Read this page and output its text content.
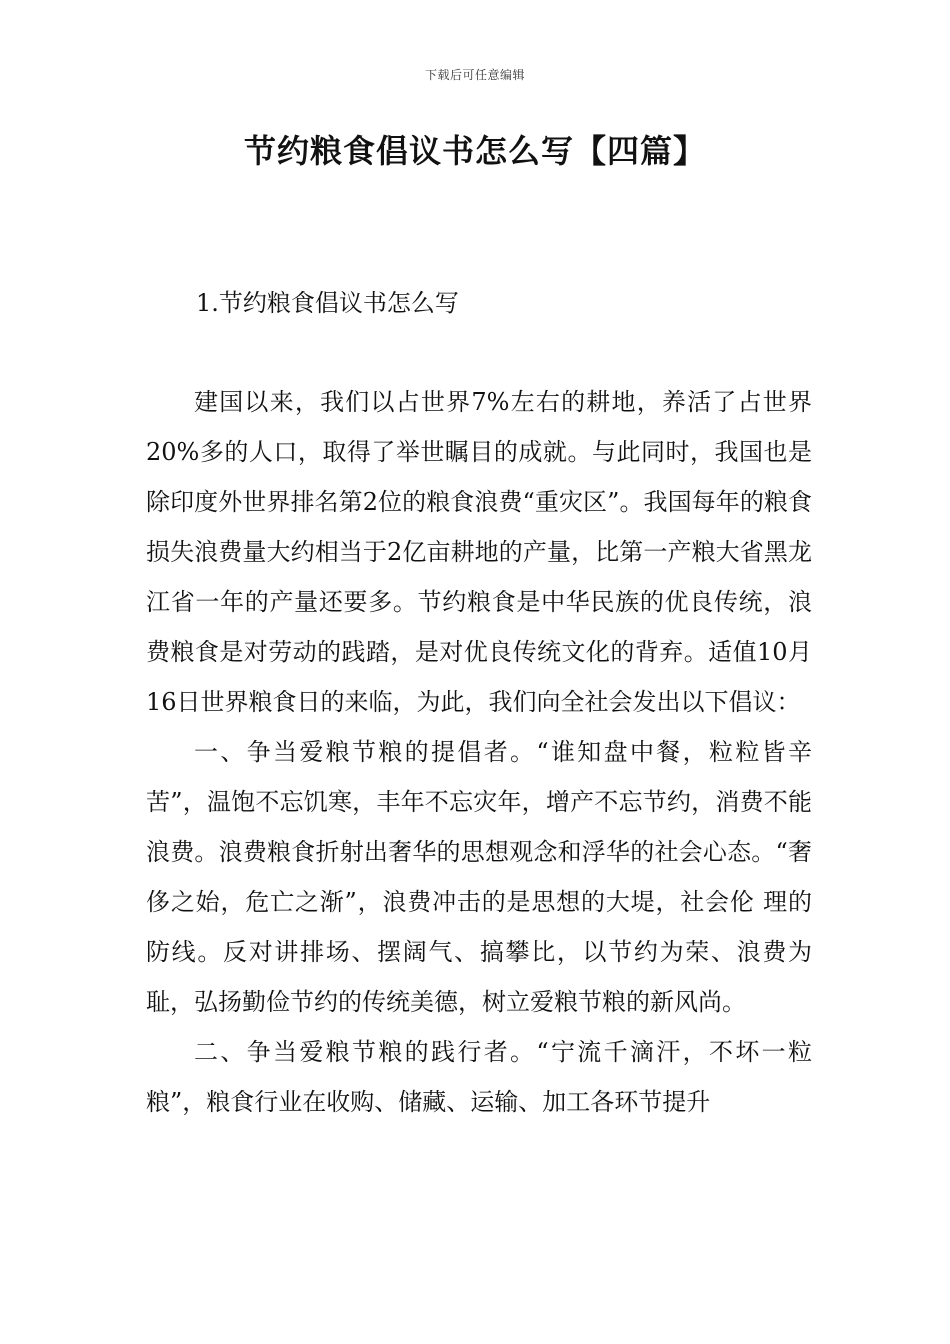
下载后可任意编辑
节约粮食倡议书怎么写【四篇】
1.节约粮食倡议书怎么写

建国以来，我们以占世界7%左右的耕地，养活了占世界20%多的人口，取得了举世瞩目的成就。与此同时，我国也是除印度外世界排名第2位的粮食浪费“重灾区”。我国每年的粮食损失浪费量大约相当于2亿亩耕地的产量，比第一产粮大省黑龙江省一年的产量还要多。节约粮食是中华民族的优良传统，浪费粮食是对劳动的践踏，是对优良传统文化的背弃。适值10月16日世界粮食日的来临，为此，我们向全社会发出以下倡议：

一、争当爱粮节粮的提倡者。“谁知盘中餐，粒粒皆辛苦”，温饱不忘饥寒，丰年不忘灾年，增产不忘节约，消费不能浪费。浪费粮食折射出奢华的思想观念和浮华的社会心态。“奢侈之始，危亡之渐”，浪费冲击的是思想的大堤，社会伦 理的防线。反对讲排场、摆阔气、搞攀比，以节约为荣、浪费为耻，弘扬勤俭节约的传统美德，树立爱粮节粮的新风尚。

二、争当爱粮节粮的践行者。“宁流千滴汗，不坏一粒粮”，粮食行业在收购、储藏、运输、加工各环节提升
